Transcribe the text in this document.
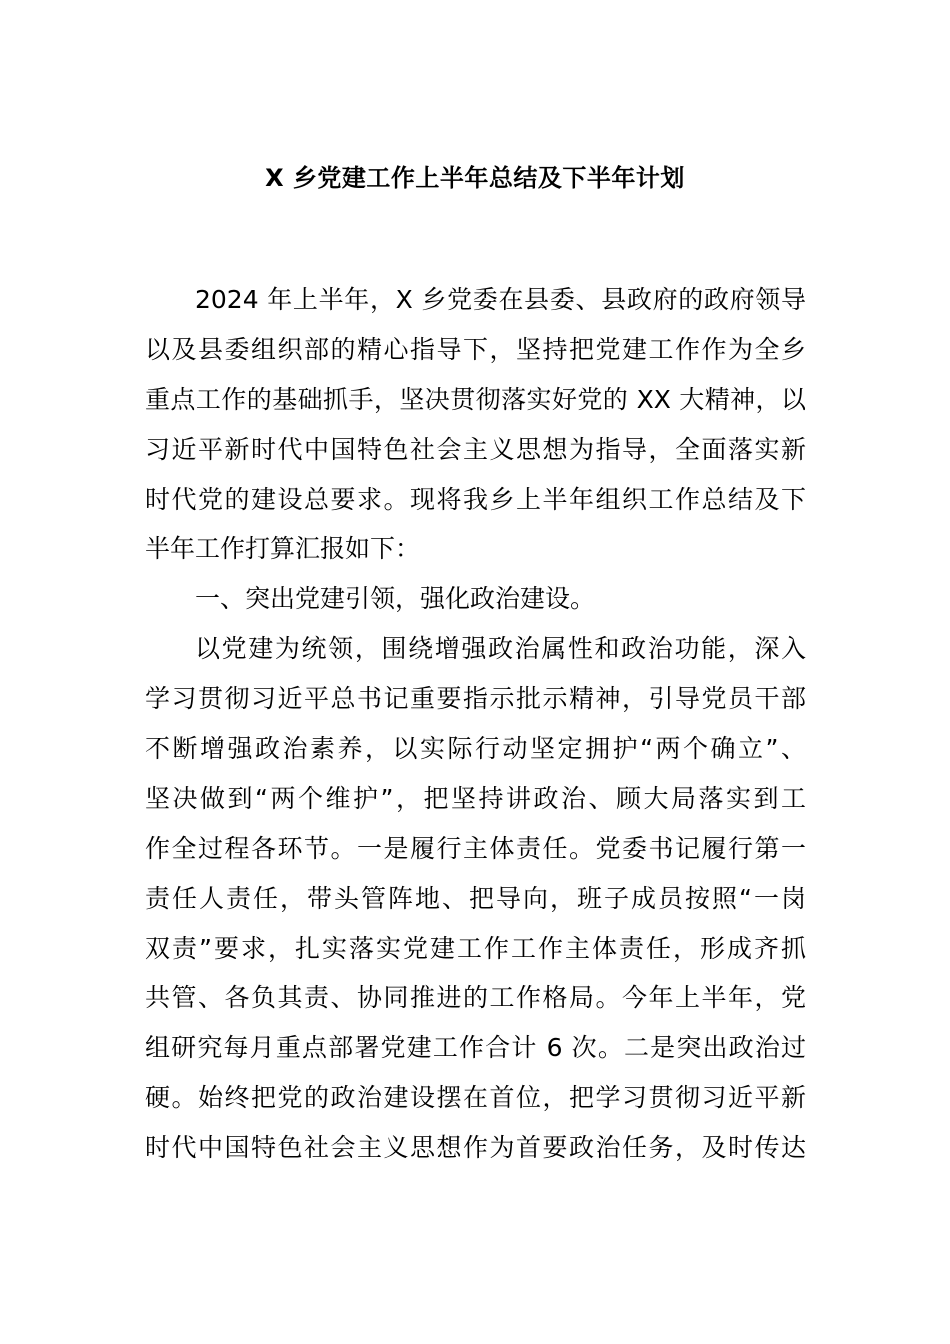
X 乡党建工作上半年总结及下半年计划
2024 年上半年，X 乡党委在县委、县政府的政府领导
以及县委组织部的精心指导下，坚持把党建工作作为全乡
重点工作的基础抓手，坚决贯彻落实好党的 XX 大精神，以
习近平新时代中国特色社会主义思想为指导，全面落实新
时代党的建设总要求。现将我乡上半年组织工作总结及下
半年工作打算汇报如下：
一、突出党建引领，强化政治建设。
以党建为统领，围绕增强政治属性和政治功能，深入
学习贯彻习近平总书记重要指示批示精神，引导党员干部
不断增强政治素养，以实际行动坚定拥护“两个确立”、
坚决做到“两个维护”，把坚持讲政治、顾大局落实到工
作全过程各环节。一是履行主体责任。党委书记履行第一
责任人责任，带头管阵地、把导向，班子成员按照“一岗
双责”要求，扎实落实党建工作工作主体责任，形成齐抓
共管、各负其责、协同推进的工作格局。今年上半年，党
组研究每月重点部署党建工作合计 6 次。二是突出政治过
硬。始终把党的政治建设摆在首位，把学习贯彻习近平新
时代中国特色社会主义思想作为首要政治任务，及时传达
